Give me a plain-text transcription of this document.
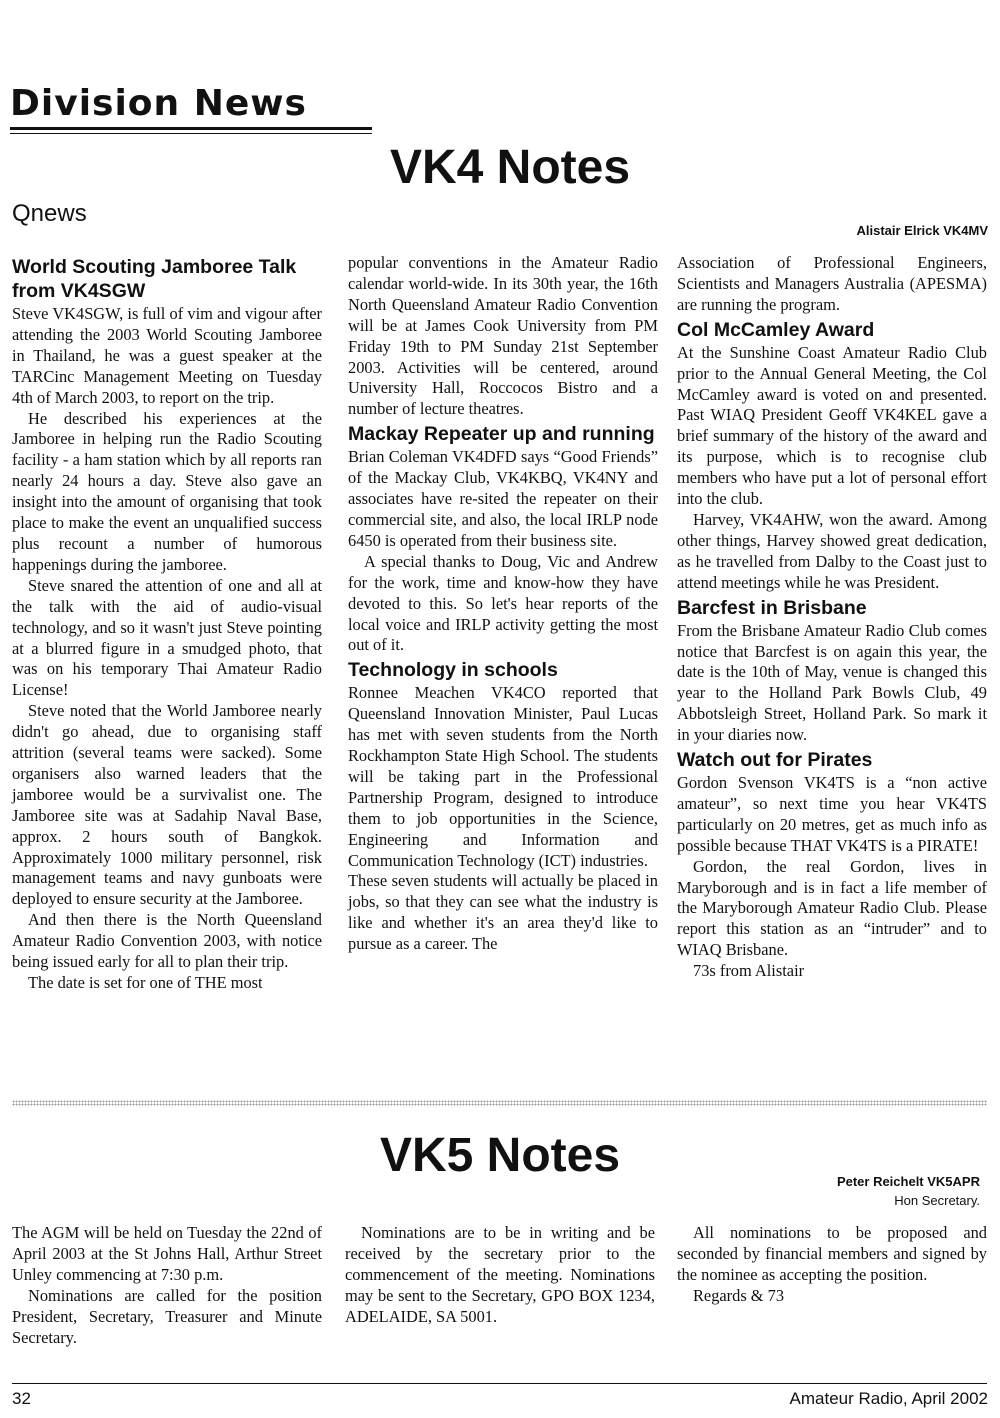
Division News
VK4 Notes
Qnews
Alistair Elrick VK4MV
World Scouting Jamboree Talk from VK4SGW

Steve VK4SGW, is full of vim and vigour after attending the 2003 World Scouting Jamboree in Thailand, he was a guest speaker at the TARCinc Management Meeting on Tuesday 4th of March 2003, to report on the trip.

He described his experiences at the Jamboree in helping run the Radio Scouting facility - a ham station which by all reports ran nearly 24 hours a day. Steve also gave an insight into the amount of organising that took place to make the event an unqualified success plus recount a number of humorous happenings during the jamboree.

Steve snared the attention of one and all at the talk with the aid of audio-visual technology, and so it wasn't just Steve pointing at a blurred figure in a smudged photo, that was on his temporary Thai Amateur Radio License!

Steve noted that the World Jamboree nearly didn't go ahead, due to organising staff attrition (several teams were sacked). Some organisers also warned leaders that the jamboree would be a survivalist one. The Jamboree site was at Sadahip Naval Base, approx. 2 hours south of Bangkok. Approximately 1000 military personnel, risk management teams and navy gunboats were deployed to ensure security at the Jamboree.

And then there is the North Queensland Amateur Radio Convention 2003, with notice being issued early for all to plan their trip.

The date is set for one of THE most

popular conventions in the Amateur Radio calendar world-wide. In its 30th year, the 16th North Queensland Amateur Radio Convention will be at James Cook University from PM Friday 19th to PM Sunday 21st September 2003. Activities will be centered, around University Hall, Roccocos Bistro and a number of lecture theatres.

Mackay Repeater up and running

Brian Coleman VK4DFD says “Good Friends” of the Mackay Club, VK4KBQ, VK4NY and associates have re-sited the repeater on their commercial site, and also, the local IRLP node 6450 is operated from their business site.

A special thanks to Doug, Vic and Andrew for the work, time and know-how they have devoted to this. So let's hear reports of the local voice and IRLP activity getting the most out of it.

Technology in schools

Ronnee Meachen VK4CO reported that Queensland Innovation Minister, Paul Lucas has met with seven students from the North Rockhampton State High School. The students will be taking part in the Professional Partnership Program, designed to introduce them to job opportunities in the Science, Engineering and Information and Communication Technology (ICT) industries.

These seven students will actually be placed in jobs, so that they can see what the industry is like and whether it's an area they'd like to pursue as a career. The

Association of Professional Engineers, Scientists and Managers Australia (APESMA) are running the program.

Col McCamley Award

At the Sunshine Coast Amateur Radio Club prior to the Annual General Meeting, the Col McCamley award is voted on and presented. Past WIAQ President Geoff VK4KEL gave a brief summary of the history of the award and its purpose, which is to recognise club members who have put a lot of personal effort into the club.

Harvey, VK4AHW, won the award. Among other things, Harvey showed great dedication, as he travelled from Dalby to the Coast just to attend meetings while he was President.

Barcfest in Brisbane

From the Brisbane Amateur Radio Club comes notice that Barcfest is on again this year, the date is the 10th of May, venue is changed this year to the Holland Park Bowls Club, 49 Abbotsleigh Street, Holland Park. So mark it in your diaries now.

Watch out for Pirates

Gordon Svenson VK4TS is a “non active amateur”, so next time you hear VK4TS particularly on 20 metres, get as much info as possible because THAT VK4TS is a PIRATE!

Gordon, the real Gordon, lives in Maryborough and is in fact a life member of the Maryborough Amateur Radio Club. Please report this station as an “intruder” and to WIAQ Brisbane.

73s from Alistair

VK5 Notes	Peter Reichelt VK5APR
Hon Secretary.

The AGM will be held on Tuesday the 22nd of April 2003 at the St Johns Hall, Arthur Street Unley commencing at 7:30 p.m.

Nominations are called for the position President, Secretary, Treasurer and Minute Secretary.

Nominations are to be in writing and be received by the secretary prior to the commencement of the meeting. Nominations may be sent to the Secretary, GPO BOX 1234, ADELAIDE, SA 5001.

All nominations to be proposed and seconded by financial members and signed by the nominee as accepting the position.

Regards & 73

32	Amateur Radio, April 2002
